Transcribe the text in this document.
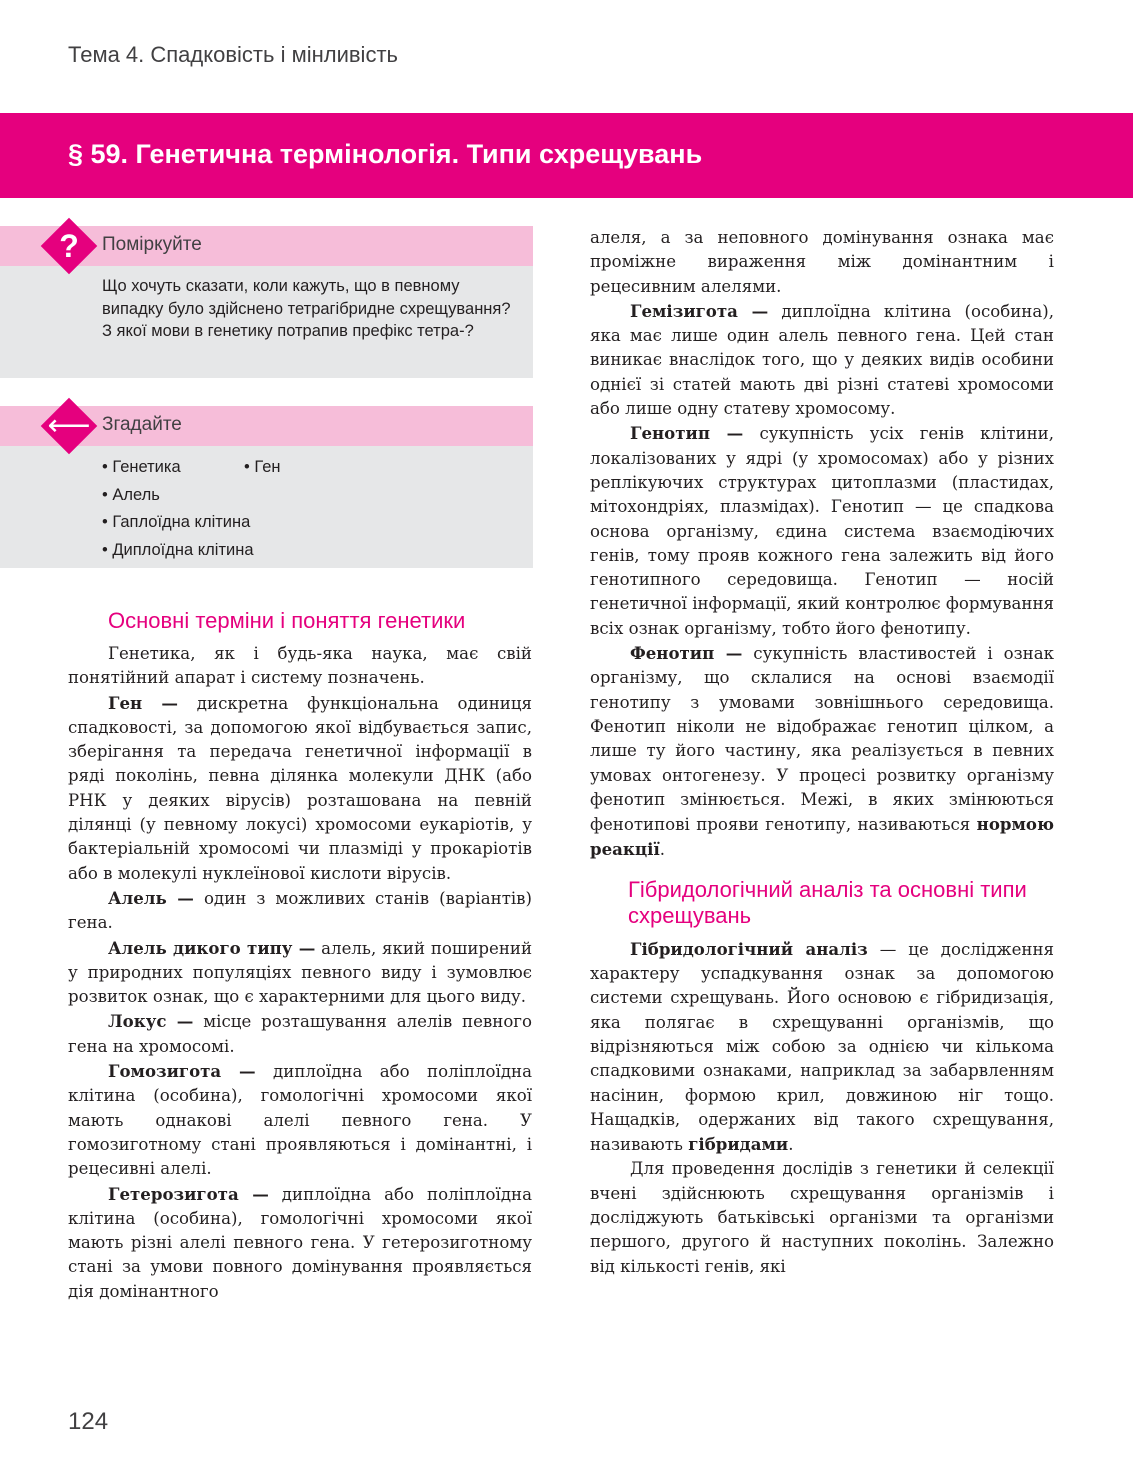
Тема 4. Спадковість і мінливість
§ 59. Генетична термінологія. Типи схрещувань
?	Поміркуйте
Що хочуть сказати, коли кажуть, що в певному випадку було здійснено тетрагібридне схрещування? З якої мови в генетику потрапив префікс тетра-?
⟵ Згадайте
• Генетика	• Ген
• Алель
• Гаплоїдна клітина
• Диплоїдна клітина
Основні терміни і поняття генетики

Генетика, як і будь-яка наука, має свій понятійний апарат і систему позначень.

Ген — дискретна функціональна одиниця спадковості, за допомогою якої відбувається запис, зберігання та передача генетичної інформації в ряді поколінь, певна ділянка молекули ДНК (або РНК у деяких вірусів) розташована на певній ділянці (у певному локусі) хромосоми еукаріотів, у бактеріальній хромосомі чи плазміді у прокаріотів або в молекулі нуклеїнової кислоти вірусів.

Алель — один з можливих станів (варіантів) гена.

Алель дикого типу — алель, який поширений у природних популяціях певного виду і зумовлює розвиток ознак, що є характерними для цього виду.

Локус — місце розташування алелів певного гена на хромосомі.

Гомозигота — диплоїдна або поліплоїдна клітина (особина), гомологічні хромосоми якої мають однакові алелі певного гена. У гомозиготному стані проявляються і домінантні, і рецесивні алелі.

Гетерозигота — диплоїдна або поліплоїдна клітина (особина), гомологічні хромосоми якої мають різні алелі певного гена. У гетерозиготному стані за умови повного домінування проявляється дія домінантного

алеля, а за неповного домінування ознака має проміжне вираження між домінантним і рецесивним алелями.

Гемізигота — диплоїдна клітина (особина), яка має лише один алель певного гена. Цей стан виникає внаслідок того, що у деяких видів особини однієї зі статей мають дві різні статеві хромосоми або лише одну статеву хромосому.

Генотип — сукупність усіх генів клітини, локалізованих у ядрі (у хромосомах) або у різних реплікуючих структурах цитоплазми (пластидах, мітохондріях, плазмідах). Генотип — це спадкова основа організму, єдина система взаємодіючих генів, тому прояв кожного гена залежить від його генотипного середовища. Генотип — носій генетичної інформації, який контролює формування всіх ознак організму, тобто його фенотипу.

Фенотип — сукупність властивостей і ознак організму, що склалися на основі взаємодії генотипу з умовами зовнішнього середовища. Фенотип ніколи не відображає генотип цілком, а лише ту його частину, яка реалізується в певних умовах онтогенезу. У процесі розвитку організму фенотип змінюється. Межі, в яких змінюються фенотипові прояви генотипу, називаються нормою реакції.

Гібридологічний аналіз та основні типи схрещувань

Гібридологічний аналіз — це дослідження характеру успадкування ознак за допомогою системи схрещувань. Його основою є гібридизація, яка полягає в схрещуванні організмів, що відрізняються між собою за однією чи кількома спадковими ознаками, наприклад за забарвленням насінин, формою крил, довжиною ніг тощо. Нащадків, одержаних від такого схрещування, називають гібридами.

Для проведення дослідів з генетики й селекції вчені здійснюють схрещування організмів і досліджують батьківські організми та організми першого, другого й наступних поколінь. Залежно від кількості генів, які

124
